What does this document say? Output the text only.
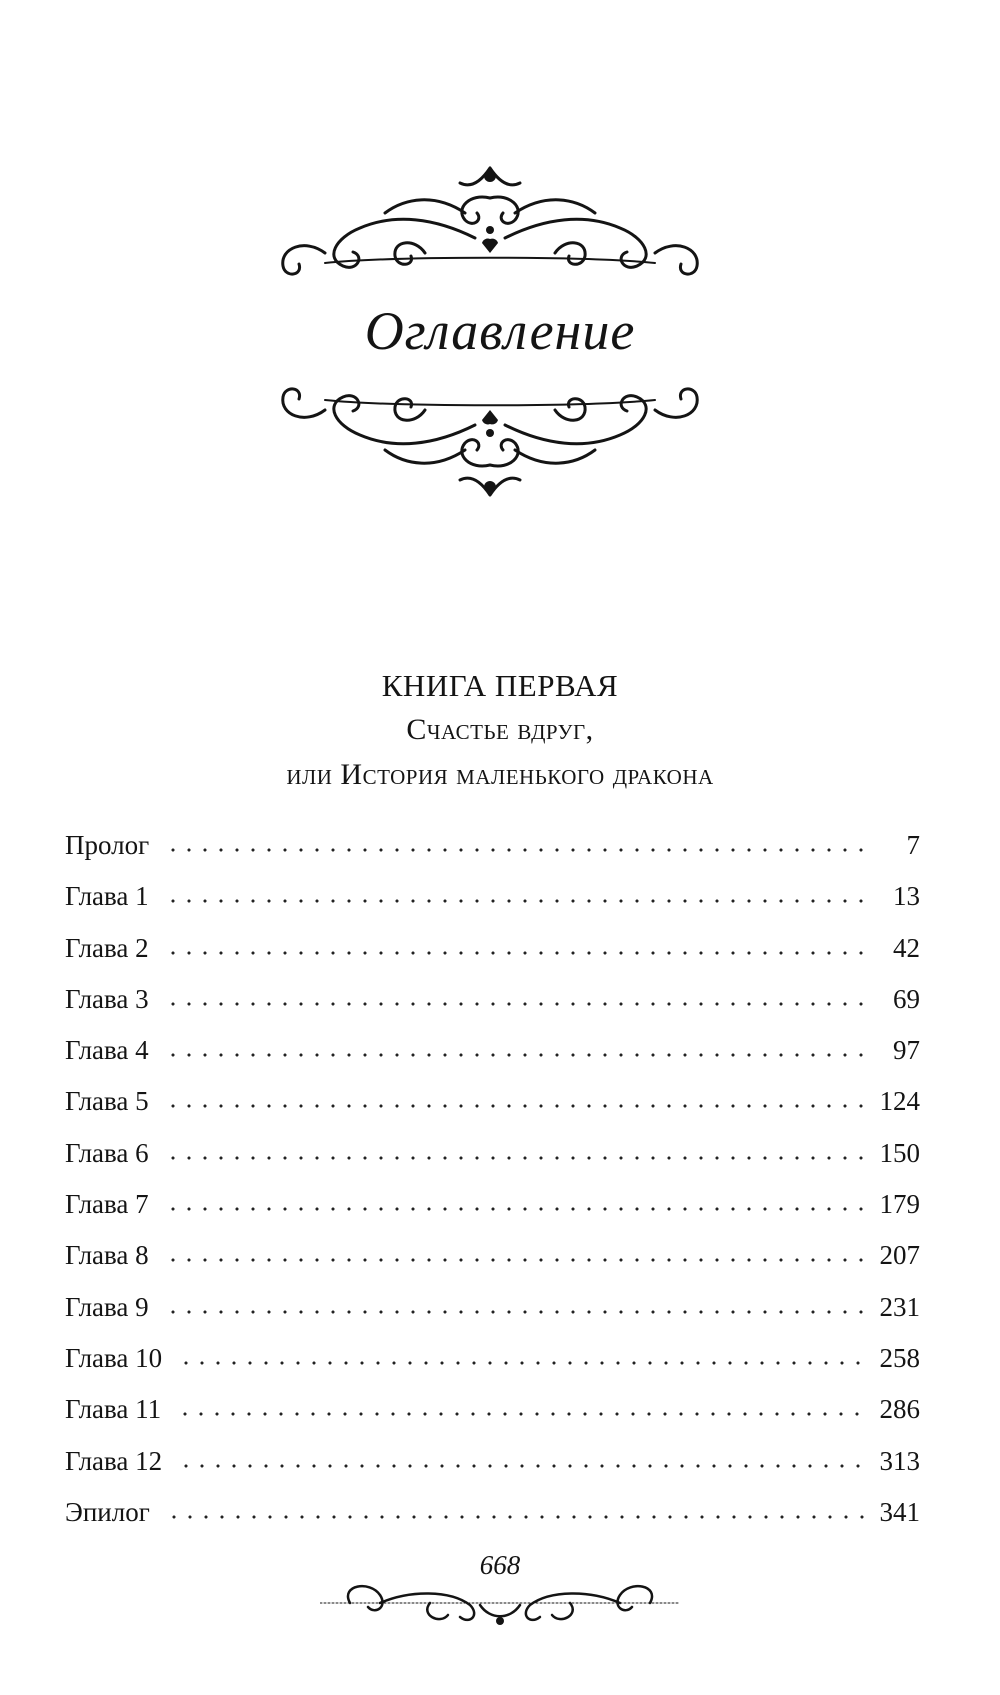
Оглавление
КНИГА ПЕРВАЯ
Счастье вдруг,
или История маленького дракона
Пролог	7
Глава 1	13
Глава 2	42
Глава 3	69
Глава 4	97
Глава 5	124
Глава 6	150
Глава 7	179
Глава 8	207
Глава 9	231
Глава 10	258
Глава 11	286
Глава 12	313
Эпилог	341
668
